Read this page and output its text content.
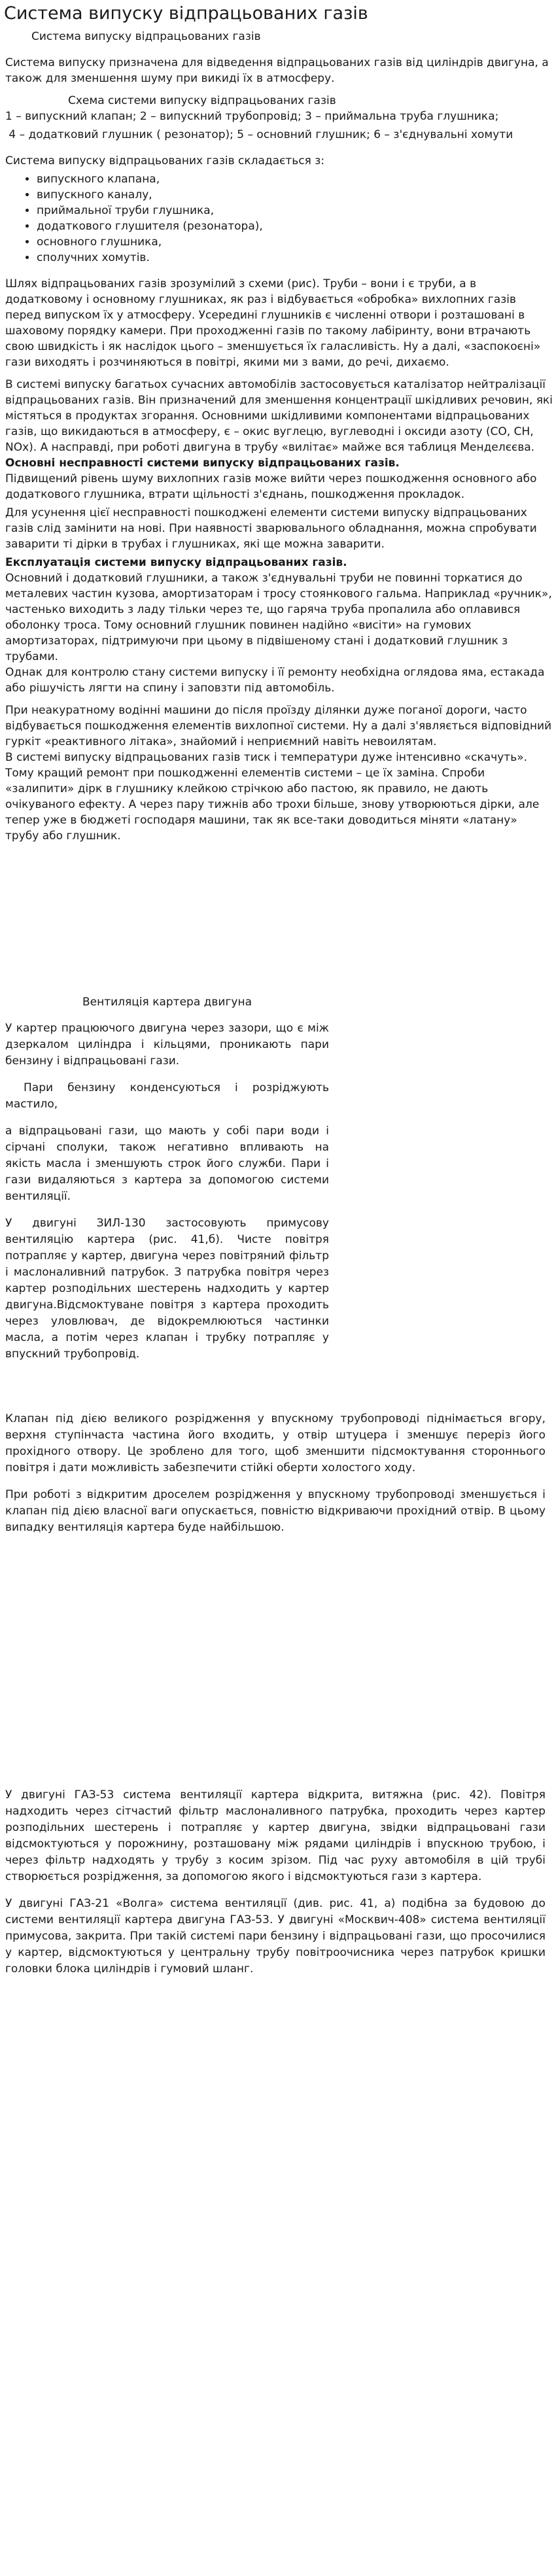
Система випуску відпрацьованих газів

Система випуску відпрацьованих газів

Система випуску призначена для відведення відпрацьованих газів від циліндрів двигуна, а також для зменшення шуму при викиді їх в атмосферу.

Схема системи випуску відпрацьованих газів

1 – випускний клапан; 2 – випускний трубопровід; 3 – приймальна труба глушника;

4 – додатковий глушник ( резонатор); 5 – основний глушник; 6 – з'єднувальні хомути

Система випуску відпрацьованих газів складається з:

• випускного клапана,
• випускного каналу,
• приймальної труби глушника,
• додаткового глушителя (резонатора),
• основного глушника,
• сполучних хомутів.

Шлях відпрацьованих газів зрозумілий з схеми (рис). Труби – вони і є труби, а в додатковому і основному глушниках, як раз і відбувається «обробка» вихлопних газів перед випуском їх у атмосферу. Усередині глушників є численні отвори і розташовані в шаховому порядку камери. При проходженні газів по такому лабіринту, вони втрачають свою швидкість і як наслідок цього – зменшується їх галасливість. Ну а далі, «заспокоєні» гази виходять і розчиняються в повітрі, якими ми з вами, до речі, дихаємо.

В системі випуску багатьох сучасних автомобілів застосовується каталізатор нейтралізації відпрацьованих газів. Він призначений для зменшення концентрації шкідливих речовин, які містяться в продуктах згорання. Основними шкідливими компонентами відпрацьованих газів, що викидаються в атмосферу, є – окис вуглецю, вуглеводні і оксиди азоту (CO, CH, NOх). А насправді, при роботі двигуна в трубу «вилітає» майже вся таблиця Менделєєва.

Основні несправності системи випуску відпрацьованих газів.

Підвищений рівень шуму вихлопних газів може вийти через пошкодження основного або додаткового глушника, втрати щільності з'єднань, пошкодження прокладок.

Для усунення цієї несправності пошкоджені елементи системи випуску відпрацьованих газів слід замінити на нові. При наявності зварювального обладнання, можна спробувати заварити ті дірки в трубах і глушниках, які ще можна заварити.

Експлуатація системи випуску відпрацьованих газів.

Основний і додатковий глушники, а також з'єднувальні труби не повинні торкатися до металевих частин кузова, амортизаторам і тросу стоянкового гальма. Наприклад «ручник», частенько виходить з ладу тільки через те, що гаряча труба пропалила або оплавився оболонку троса. Тому основний глушник повинен надійно «висіти» на гумових амортизаторах, підтримуючи при цьому в підвішеному стані і додатковий глушник з трубами.

Однак для контролю стану системи випуску і її ремонту необхідна оглядова яма, естакада або рішучість лягти на спину і заповзти під автомобіль.

При неакуратному водінні машини до після проїзду ділянки дуже поганої дороги, часто відбувається пошкодження елементів вихлопної системи. Ну а далі з'являється відповідний гуркіт «реактивного літака», знайомий і неприємний навіть невоилятам.

В системі випуску відпрацьованих газів тиск і температури дуже інтенсивно «скачуть». Тому кращий ремонт при пошкодженні елементів системи – це їх заміна. Спроби «залипити» дірк в глушнику клейкою стрічкою або пастою, як правило, не дають очікуваного ефекту. А через пару тижнів або трохи більше, знову утворюються дірки, але тепер уже в бюджеті господаря машини, так як все-таки доводиться міняти «латану» трубу або глушник.

Вентиляція картера двигуна

У картер працюючого двигуна через зазори, що є між дзеркалом циліндра і кільцями, проникають пари бензину і відпрацьовані гази.

Пари бензину конденсуються і розріджують мастило,

а відпрацьовані гази, що мають у собі пари води і сірчані сполуки, також негативно впливають на якість масла і зменшують строк його служби. Пари і гази видаляються з картера за допомогою системи вентиляції.

У двигуні ЗИЛ-130 застосовують примусову вентиляцію картера (рис. 41,б). Чисте повітря потрапляє у картер, двигуна через повітряний фільтр і маслоналивний патрубок. З патрубка повітря через картер розподільних шестерень надходить у картер двигуна.Відсмоктуване повітря з картера проходить через уловлювач, де відокремлюються частинки масла, а потім через клапан і трубку потрапляє у впускний трубопровід.

Клапан під дією великого розрідження у впускному трубопроводі піднімається вгору, верхня ступінчаста частина його входить, у отвір штуцера і зменшує переріз його прохідного отвору. Це зроблено для того, щоб зменшити підсмоктування стороннього повітря і дати можливість забезпечити стійкі оберти холостого ходу.

При роботі з відкритим дроселем розрідження у впускному трубопроводі зменшується і клапан під дією власної ваги опускається, повністю відкриваючи прохідний отвір. В цьому випадку вентиляція картера буде найбільшою.

У двигуні ГАЗ-53 система вентиляції картера відкрита, витяжна (рис. 42). Повітря надходить через сітчастий фільтр маслоналивного патрубка, проходить через картер розподільних шестерень і потрапляє у картер двигуна, звідки відпрацьовані гази відсмоктуються у порожнину, розташовану між рядами циліндрів і впускною трубою, і через фільтр надходять у трубу з косим зрізом. Під час руху автомобіля в цій трубі створюється розрідження, за допомогою якого і відсмоктуються гази з картера.

У двигуні ГАЗ-21 «Волга» система вентиляції (див. рис. 41, а) подібна за будовою до системи вентиляції картера двигуна ГАЗ-53. У двигуні «Москвич-408» система вентиляції примусова, закрита. При такій системі пари бензину і відпрацьовані гази, що просочилися у картер, відсмоктуються у центральну трубу повітроочисника через патрубок кришки головки блока циліндрів і гумовий шланг.
